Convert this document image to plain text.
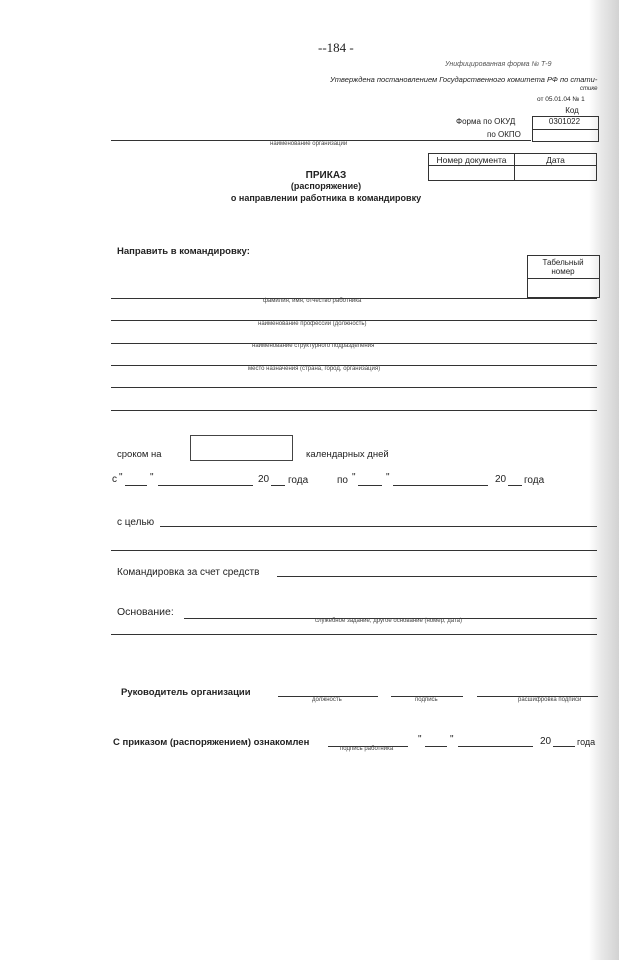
--184 -
Унифицированная форма № Т-9
Утверждена постановлением Государственного комитета РФ по стати-
стике
от 05.01.04 № 1
Код
Форма по ОКУД	0301022
по ОКПО
наименование организации
Номер документа	Дата

ПРИКАЗ
(распоряжение)
о направлении работника в командировку
Направить в командировку:
Табельный
номер
фамилия, имя, отчество работника
наименование профессии (должность)
наименование структурного подразделения
место назначения (страна, город, организация)
сроком на	календарных дней
с "	"	20 года	по "	"	20 года
с целью
Командировка за счет средств
Основание:
служебное задание, другое основание (номер, дата)
Руководитель организации
должность	подпись	расшифровка подписи
С приказом (распоряжением) ознакомлен
подпись работника
"	"	20	года
